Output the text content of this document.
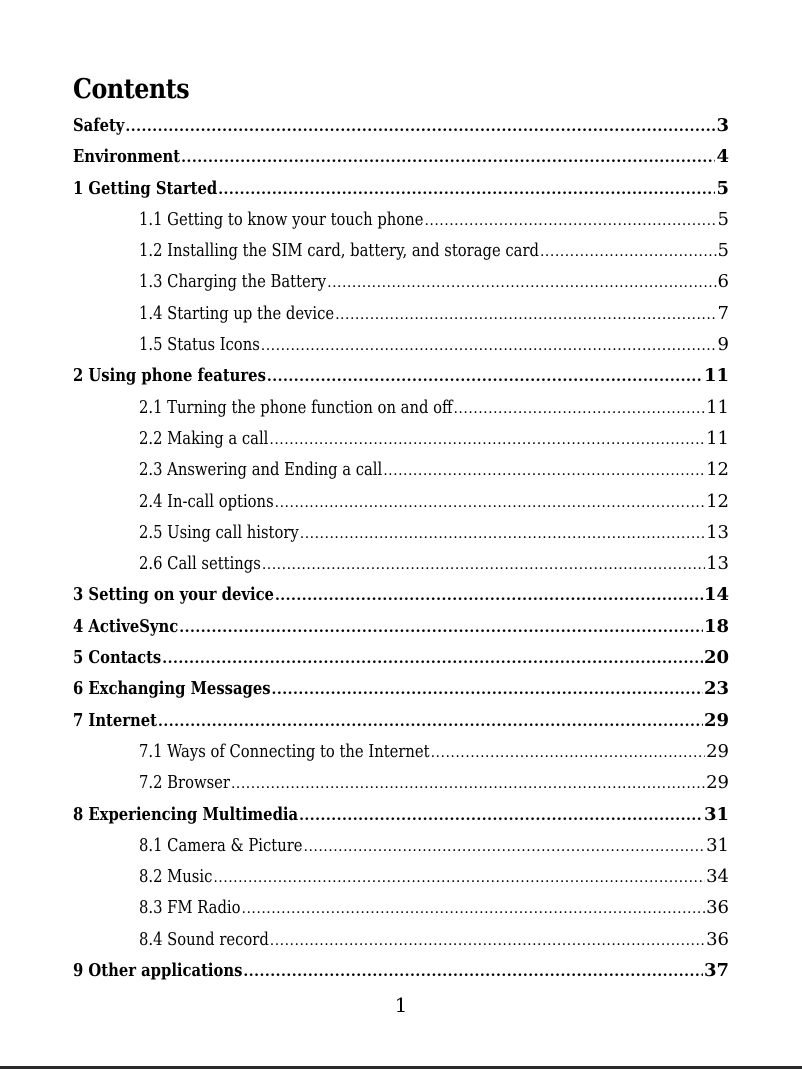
Contents
Safety .....	3
Environment .....	4
1 Getting Started .....	5
1.1 Getting to know your touch phone .....	5
1.2 Installing the SIM card, battery, and storage card .....	5
1.3 Charging the Battery .....	6
1.4 Starting up the device .....	7
1.5 Status Icons .....	9
2 Using phone features .....	11
2.1 Turning the phone function on and off .....	11
2.2 Making a call .....	11
2.3 Answering and Ending a call .....	12
2.4 In-call options .....	12
2.5 Using call history .....	13
2.6 Call settings .....	13
3 Setting on your device .....	14
4 ActiveSync .....	18
5 Contacts .....	20
6 Exchanging Messages .....	23
7 Internet .....	29
7.1 Ways of Connecting to the Internet .....	29
7.2 Browser .....	29
8 Experiencing Multimedia .....	31
8.1 Camera & Picture .....	31
8.2 Music .....	34
8.3 FM Radio .....	36
8.4 Sound record .....	36
9 Other applications .....	37
1
